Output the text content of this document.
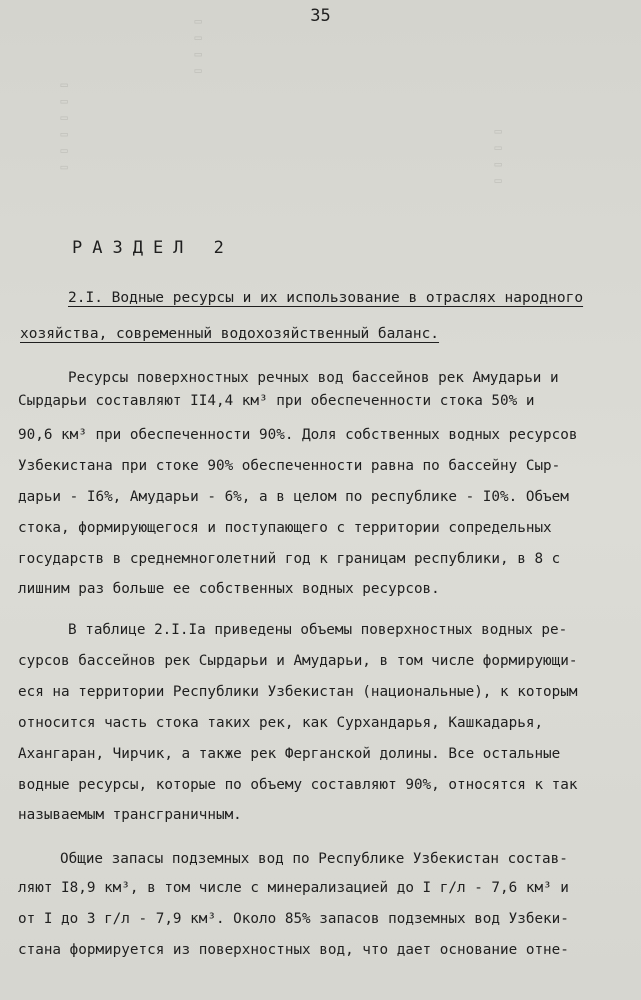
▯ ▯ ▯ ▯
▯ ▯ ▯ ▯ ▯ ▯	▯ ▯ ▯ ▯
35
РАЗДЕЛ 2
2.I. Водные ресурсы и их использование в отраслях народного
хозяйства, современный водохозяйственный баланс.
Ресурсы поверхностных речных вод бассейнов рек Амударьи и
Сырдарьи составляют II4,4 км³ при обеспеченности стока 50% и
90,6 км³ при обеспеченности 90%. Доля собственных водных ресурсов
Узбекистана при стоке 90% обеспеченности равна по бассейну Сыр-
дарьи - I6%, Амударьи - 6%, а в целом по республике - I0%. Объем
стока, формирующегося и поступающего с территории сопредельных
государств в среднемноголетний год к границам республики, в 8 с
лишним раз больше ее собственных водных ресурсов.
В таблице 2.I.Ia приведены объемы поверхностных водных ре-
сурсов бассейнов рек Сырдарьи и Амударьи, в том числе формирующи-
еся на территории Республики Узбекистан (национальные), к которым
относится часть стока таких рек, как Сурхандарья, Кашкадарья,
Ахангаран, Чирчик, а также рек Ферганской долины. Все остальные
водные ресурсы, которые по объему составляют 90%, относятся к так
называемым трансграничным.
Общие запасы подземных вод по Республике Узбекистан состав-
ляют I8,9 км³, в том числе с минерализацией до I г/л - 7,6 км³ и
от I до 3 г/л - 7,9 км³. Около 85% запасов подземных вод Узбеки-
стана формируется из поверхностных вод, что дает основание отне-
